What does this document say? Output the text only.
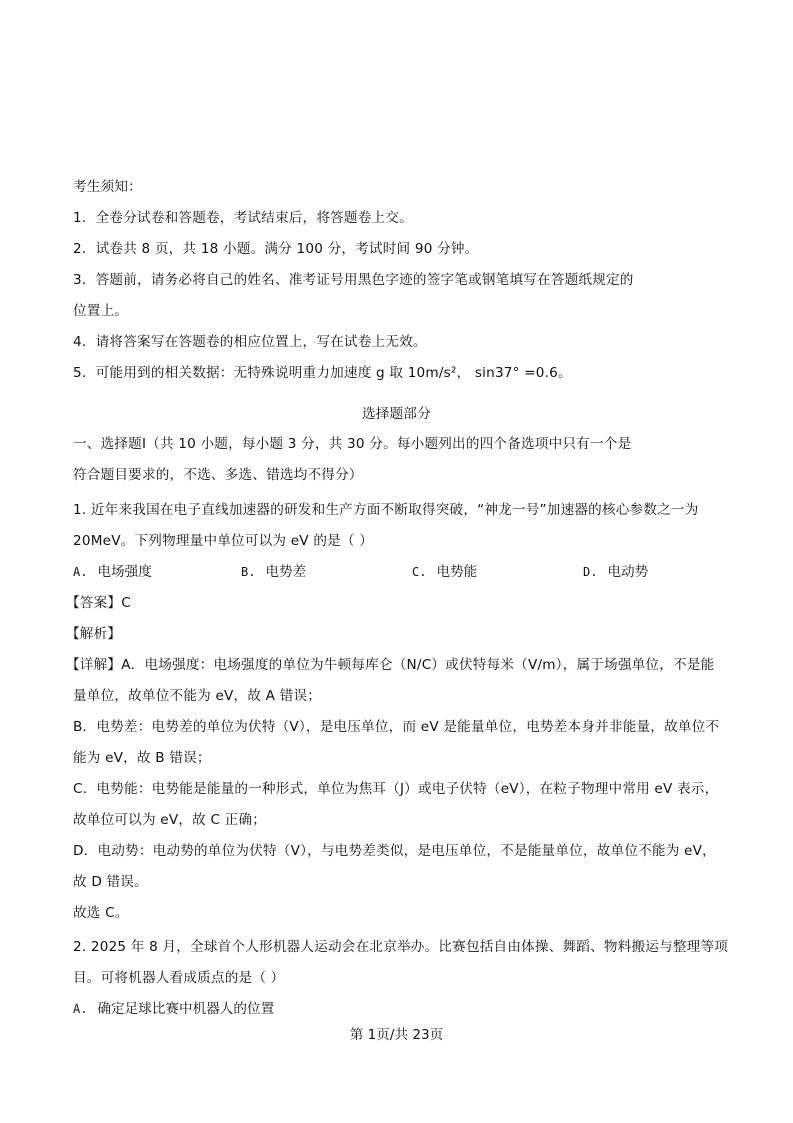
考生须知：
1．全卷分试卷和答题卷，考试结束后，将答题卷上交。
2．试卷共 8 页，共 18 小题。满分 100 分，考试时间 90 分钟。
3．答题前，请务必将自己的姓名、准考证号用黑色字迹的签字笔或钢笔填写在答题纸规定的
位置上。
4．请将答案写在答题卷的相应位置上，写在试卷上无效。
5．可能用到的相关数据：无特殊说明重力加速度 g 取 10m/s²， sin37° =0.6。
选择题部分
一、选择题Ⅰ（共 10 小题，每小题 3 分，共 30 分。每小题列出的四个备选项中只有一个是
符合题目要求的，不选、多选、错选均不得分）
1. 近年来我国在电子直线加速器的研发和生产方面不断取得突破，“神龙一号”加速器的核心参数之一为
20MeV。下列物理量中单位可以为 eV 的是（ ）
A. 电场强度	B. 电势差	C. 电势能	D. 电动势
【答案】C
【解析】
【详解】A．电场强度：电场强度的单位为牛顿每库仑（N/C）或伏特每米（V/m），属于场强单位，不是能
量单位，故单位不能为 eV，故 A 错误；
B．电势差：电势差的单位为伏特（V），是电压单位，而 eV 是能量单位，电势差本身并非能量，故单位不
能为 eV，故 B 错误；
C．电势能：电势能是能量的一种形式，单位为焦耳（J）或电子伏特（eV），在粒子物理中常用 eV 表示，
故单位可以为 eV，故 C 正确；
D．电动势：电动势的单位为伏特（V），与电势差类似，是电压单位，不是能量单位，故单位不能为 eV，
故 D 错误。
故选 C。
2. 2025 年 8 月，全球首个人形机器人运动会在北京举办。比赛包括自由体操、舞蹈、物料搬运与整理等项
目。可将机器人看成质点的是（ ）
A. 确定足球比赛中机器人的位置
第 1页/共 23页
